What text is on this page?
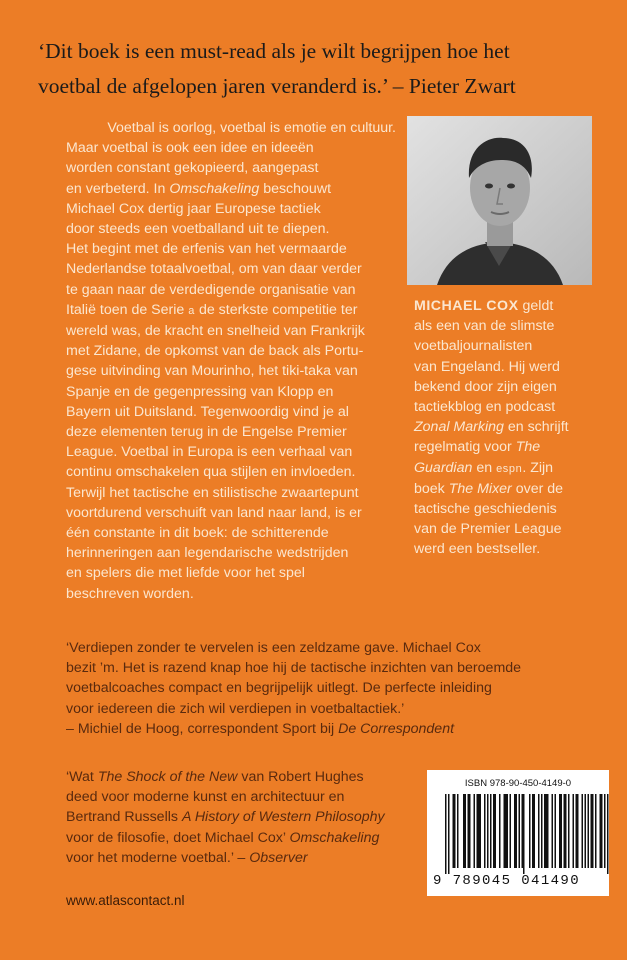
‘Dit boek is een must-read als je wilt begrijpen hoe het
voetbal de afgelopen jaren veranderd is.’ – Pieter Zwart
Voetbal is oorlog, voetbal is emotie en cultuur.
Maar voetbal is ook een idee en ideeën
worden constant gekopieerd, aangepast
en verbeterd. In Omschakeling beschouwt
Michael Cox dertig jaar Europese tactiek
door steeds een voetballand uit te diepen.
Het begint met de erfenis van het vermaarde
Nederlandse totaalvoetbal, om van daar verder
te gaan naar de verdedigende organisatie van
Italië toen de Serie a de sterkste competitie ter
wereld was, de kracht en snelheid van Frankrijk
met Zidane, de opkomst van de back als Portu-
gese uitvinding van Mourinho, het tiki-taka van
Spanje en de gegenpressing van Klopp en
Bayern uit Duitsland. Tegenwoordig vind je al
deze elementen terug in de Engelse Premier
League. Voetbal in Europa is een verhaal van
continu omschakelen qua stijlen en invloeden.
Terwijl het tactische en stilistische zwaartepunt
voortdurend verschuift van land naar land, is er
één constante in dit boek: de schitterende
herinneringen aan legendarische wedstrijden
en spelers die met liefde voor het spel
beschreven worden.
MICHAEL COX geldt
als een van de slimste
voetbaljournalisten
van Engeland. Hij werd
bekend door zijn eigen
tactiekblog en podcast
Zonal Marking en schrijft
regelmatig voor The
Guardian en espn. Zijn
boek The Mixer over de
tactische geschiedenis
van de Premier League
werd een bestseller.
‘Verdiepen zonder te vervelen is een zeldzame gave. Michael Cox
bezit ’m. Het is razend knap hoe hij de tactische inzichten van beroemde
voetbalcoaches compact en begrijpelijk uitlegt. De perfecte inleiding
voor iedereen die zich wil verdiepen in voetbaltactiek.’
– Michiel de Hoog, correspondent Sport bij De Correspondent
‘Wat The Shock of the New van Robert Hughes
deed voor moderne kunst en architectuur en
Bertrand Russells A History of Western Philosophy
voor de filosofie, doet Michael Cox’ Omschakeling
voor het moderne voetbal.’ – Observer
www.atlascontact.nl
ISBN 978-90-450-4149-0
9 789045 041490
